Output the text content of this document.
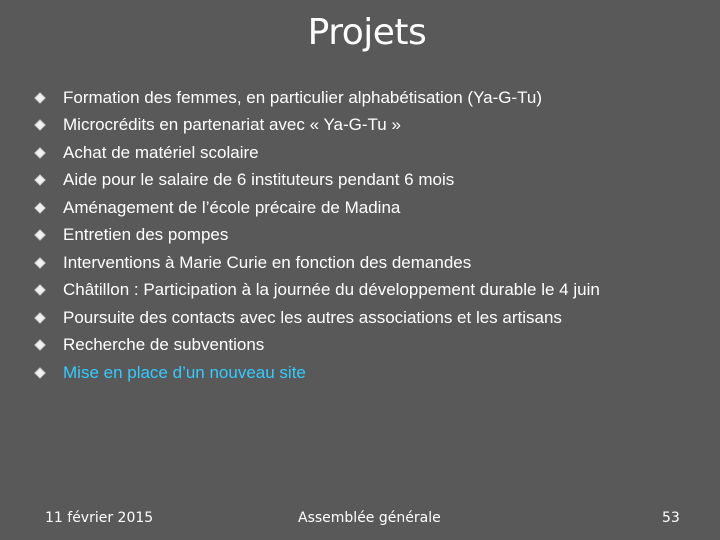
Projets
Formation des femmes, en particulier alphabétisation (Ya-G-Tu)
Microcrédits en partenariat avec « Ya-G-Tu »
Achat de matériel scolaire
Aide pour le salaire de 6 instituteurs pendant 6 mois
Aménagement de l’école précaire de Madina
Entretien des pompes
Interventions à Marie Curie en fonction des demandes
Châtillon : Participation à la journée du développement durable le 4 juin
Poursuite des contacts avec les autres associations et les artisans
Recherche de subventions
Mise en place d’un nouveau site
11 février 2015	Assemblée générale	53
